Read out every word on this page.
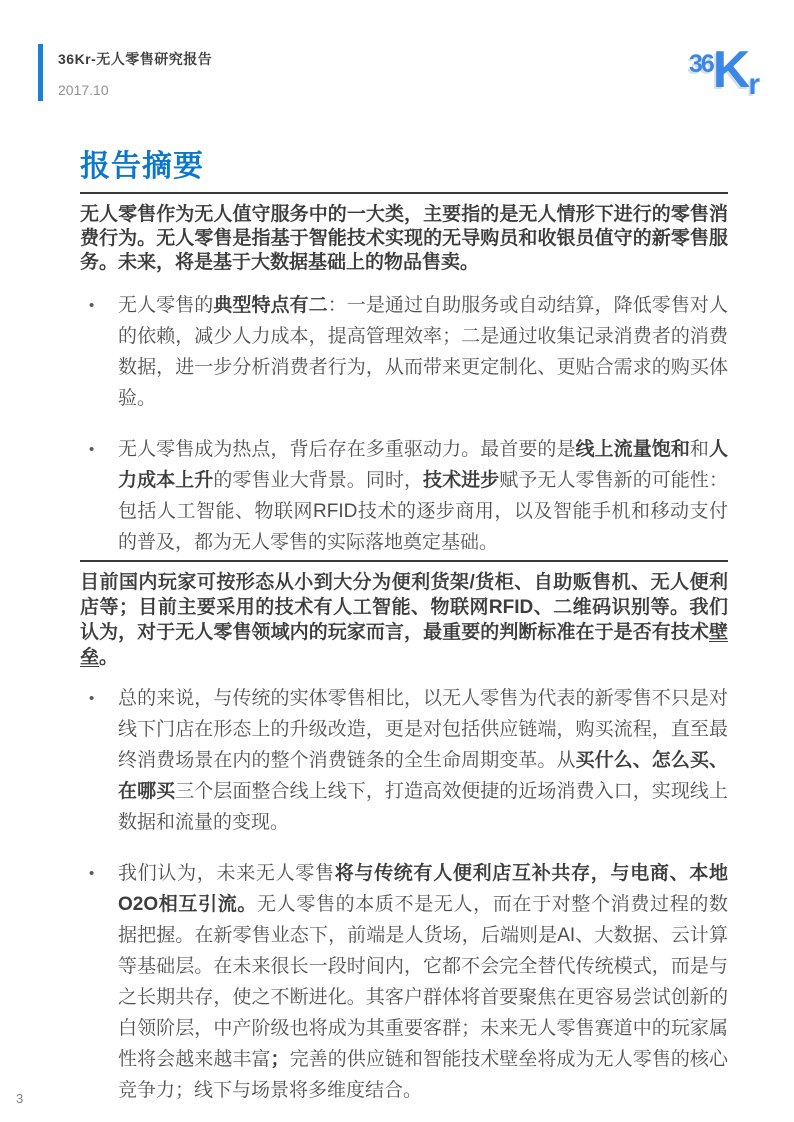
36Kr-无人零售研究报告
2017.10
36Kr
报告摘要

无人零售作为无人值守服务中的一大类，主要指的是无人情形下进行的零售消费行为。无人零售是指基于智能技术实现的无导购员和收银员值守的新零售服务。未来，将是基于大数据基础上的物品售卖。

• 无人零售的典型特点有二：一是通过自助服务或自动结算，降低零售对人的依赖，减少人力成本，提高管理效率；二是通过收集记录消费者的消费数据，进一步分析消费者行为，从而带来更定制化、更贴合需求的购买体验。
• 无人零售成为热点，背后存在多重驱动力。最首要的是线上流量饱和和人力成本上升的零售业大背景。同时，技术进步赋予无人零售新的可能性：包括人工智能、物联网RFID技术的逐步商用，以及智能手机和移动支付的普及，都为无人零售的实际落地奠定基础。

目前国内玩家可按形态从小到大分为便利货架/货柜、自助贩售机、无人便利店等；目前主要采用的技术有人工智能、物联网RFID、二维码识别等。我们认为，对于无人零售领域内的玩家而言，最重要的判断标准在于是否有技术壁垒。

• 总的来说，与传统的实体零售相比，以无人零售为代表的新零售不只是对线下门店在形态上的升级改造，更是对包括供应链端，购买流程，直至最终消费场景在内的整个消费链条的全生命周期变革。从买什么、怎么买、在哪买三个层面整合线上线下，打造高效便捷的近场消费入口，实现线上数据和流量的变现。
• 我们认为，未来无人零售将与传统有人便利店互补共存，与电商、本地O2O相互引流。无人零售的本质不是无人，而在于对整个消费过程的数据把握。在新零售业态下，前端是人货场，后端则是AI、大数据、云计算等基础层。在未来很长一段时间内，它都不会完全替代传统模式，而是与之长期共存，使之不断进化。其客户群体将首要聚焦在更容易尝试创新的白领阶层，中产阶级也将成为其重要客群；未来无人零售赛道中的玩家属性将会越来越丰富；完善的供应链和智能技术壁垒将成为无人零售的核心竞争力；线下与场景将多维度结合。
3
